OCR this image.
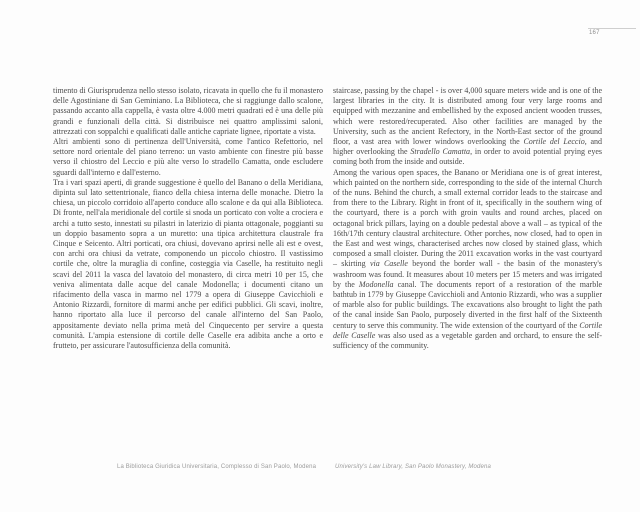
167

timento di Giurisprudenza nello stesso isolato, ricavata in quello che fu il monastero delle Agostiniane di San Geminiano. La Biblioteca, che si raggiunge dallo scalone, passando accanto alla cappella, è vasta oltre 4.000 metri quadrati ed è una delle più grandi e funzionali della città. Si distribuisce nei quattro amplissimi saloni, attrezzati con soppalchi e qualificati dalle antiche capriate lignee, riportate a vista.

Altri ambienti sono di pertinenza dell'Università, come l'antico Refettorio, nel settore nord orientale del piano terreno: un vasto ambiente con finestre più basse verso il chiostro del Leccio e più alte verso lo stradello Camatta, onde escludere sguardi dall'interno e dall'esterno.

Tra i vari spazi aperti, di grande suggestione è quello del Banano o della Meridiana, dipinta sul lato settentrionale, fianco della chiesa interna delle monache. Dietro la chiesa, un piccolo corridoio all'aperto conduce allo scalone e da qui alla Biblioteca. Di fronte, nell'ala meridionale del cortile si snoda un porticato con volte a crociera e archi a tutto sesto, innestati su pilastri in laterizio di pianta ottagonale, poggianti su un doppio basamento sopra a un muretto: una tipica architettura claustrale fra Cinque e Seicento. Altri porticati, ora chiusi, dovevano aprirsi nelle ali est e ovest, con archi ora chiusi da vetrate, componendo un piccolo chiostro. Il vastissimo cortile che, oltre la muraglia di confine, costeggia via Caselle, ha restituito negli scavi del 2011 la vasca del lavatoio del monastero, di circa metri 10 per 15, che veniva alimentata dalle acque del canale Modonella; i documenti citano un rifacimento della vasca in marmo nel 1779 a opera di Giuseppe Cavicchioli e Antonio Rizzardi, fornitore di marmi anche per edifici pubblici. Gli scavi, inoltre, hanno riportato alla luce il percorso del canale all'interno del San Paolo, appositamente deviato nella prima metà del Cinquecento per servire a questa comunità. L'ampia estensione di cortile delle Caselle era adibita anche a orto e frutteto, per assicurare l'autosufficienza della comunità.

staircase, passing by the chapel - is over 4,000 square meters wide and is one of the largest libraries in the city. It is distributed among four very large rooms and equipped with mezzanine and embellished by the exposed ancient wooden trusses, which were restored/recuperated. Also other facilities are managed by the University, such as the ancient Refectory, in the North-East sector of the ground floor, a vast area with lower windows overlooking the Cortile del Leccio, and higher overlooking the Stradello Camatta, in order to avoid potential prying eyes coming both from the inside and outside.

Among the various open spaces, the Banano or Meridiana one is of great interest, which painted on the northern side, corresponding to the side of the internal Church of the nuns. Behind the church, a small external corridor leads to the staircase and from there to the Library. Right in front of it, specifically in the southern wing of the courtyard, there is a porch with groin vaults and round arches, placed on octagonal brick pillars, laying on a double pedestal above a wall – as typical of the 16th/17th century claustral architecture. Other porches, now closed, had to open in the East and west wings, characterised arches now closed by stained glass, which composed a small cloister. During the 2011 excavation works in the vast courtyard – skirting via Caselle beyond the border wall - the basin of the monastery's washroom was found. It measures about 10 meters per 15 meters and was irrigated by the Modonella canal. The documents report of a restoration of the marble bathtub in 1779 by Giuseppe Cavicchioli and Antonio Rizzardi, who was a supplier of marble also for public buildings. The excavations also brought to light the path of the canal inside San Paolo, purposely diverted in the first half of the Sixteenth century to serve this community. The wide extension of the courtyard of the Cortile delle Caselle was also used as a vegetable garden and orchard, to ensure the self-sufficiency of the community.

La Biblioteca Giuridica Universitaria, Complesso di San Paolo, Modena	University's Law Library, San Paolo Monastery, Modena
